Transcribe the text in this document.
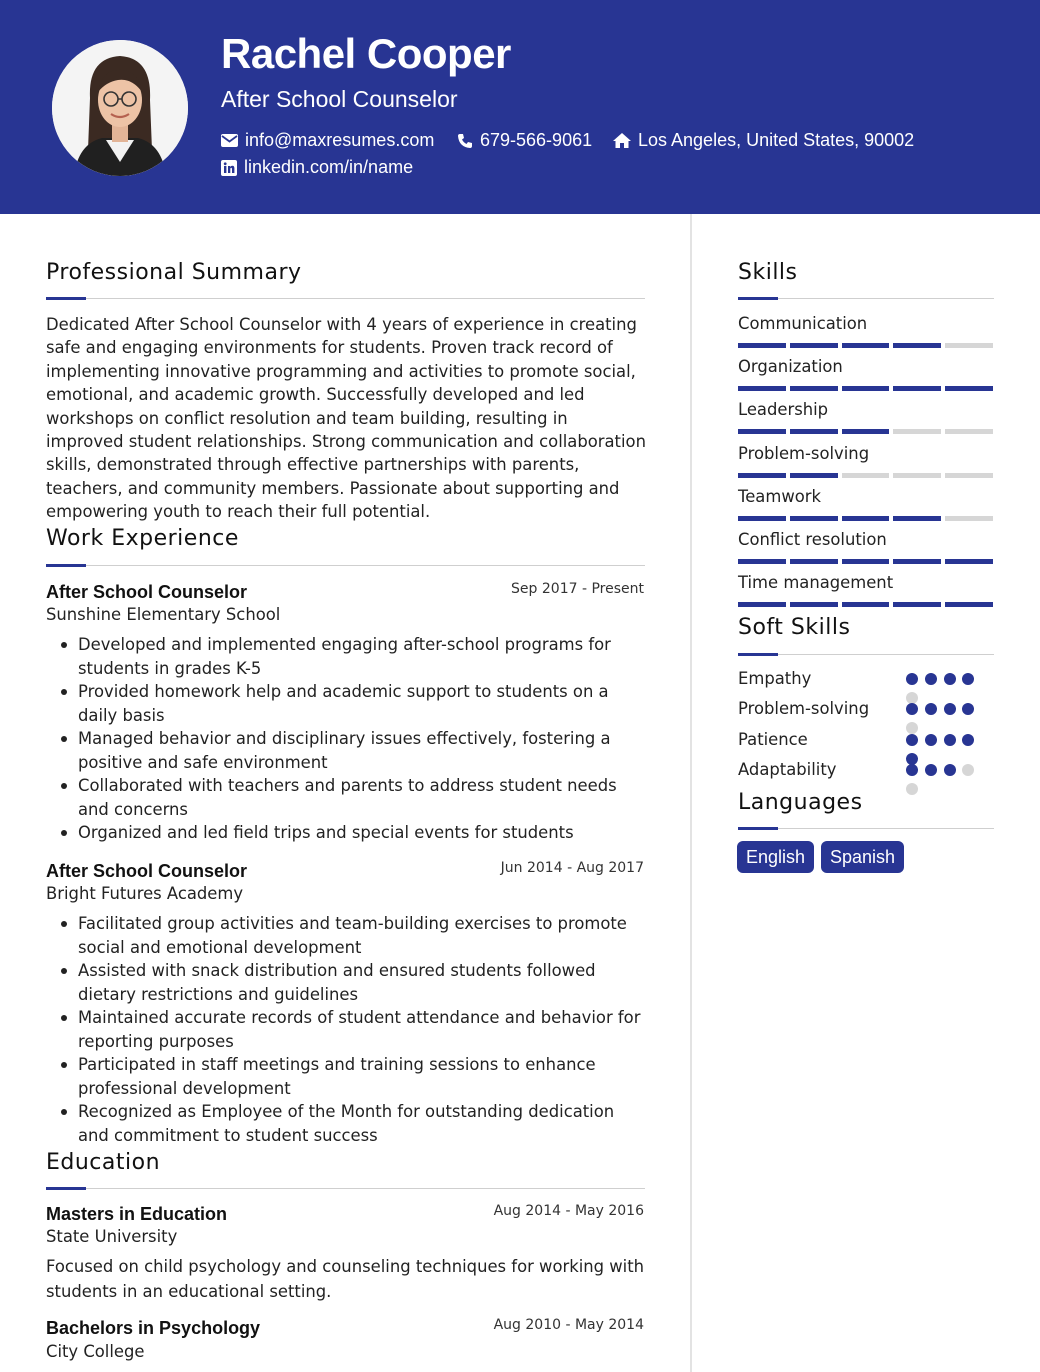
Rachel Cooper
After School Counselor
info@maxresumes.com	679-566-9061	Los Angeles, United States, 90002
linkedin.com/in/name
Professional Summary
Dedicated After School Counselor with 4 years of experience in creating safe and engaging environments for students. Proven track record of implementing innovative programming and activities to promote social, emotional, and academic growth. Successfully developed and led workshops on conflict resolution and team building, resulting in improved student relationships. Strong communication and collaboration skills, demonstrated through effective partnerships with parents, teachers, and community members. Passionate about supporting and empowering youth to reach their full potential.
Work Experience
After School Counselor	Sep 2017 - Present
Sunshine Elementary School
Developed and implemented engaging after-school programs for students in grades K-5
Provided homework help and academic support to students on a daily basis
Managed behavior and disciplinary issues effectively, fostering a positive and safe environment
Collaborated with teachers and parents to address student needs and concerns
Organized and led field trips and special events for students
After School Counselor	Jun 2014 - Aug 2017
Bright Futures Academy
Facilitated group activities and team-building exercises to promote social and emotional development
Assisted with snack distribution and ensured students followed dietary restrictions and guidelines
Maintained accurate records of student attendance and behavior for reporting purposes
Participated in staff meetings and training sessions to enhance professional development
Recognized as Employee of the Month for outstanding dedication and commitment to student success
Education
Masters in Education	Aug 2014 - May 2016
State University
Focused on child psychology and counseling techniques for working with students in an educational setting.
Bachelors in Psychology	Aug 2010 - May 2014
City College
Skills
Communication
Organization
Leadership
Problem-solving
Teamwork
Conflict resolution
Time management
Soft Skills
Empathy
Problem-solving
Patience
Adaptability
Languages
English	Spanish
